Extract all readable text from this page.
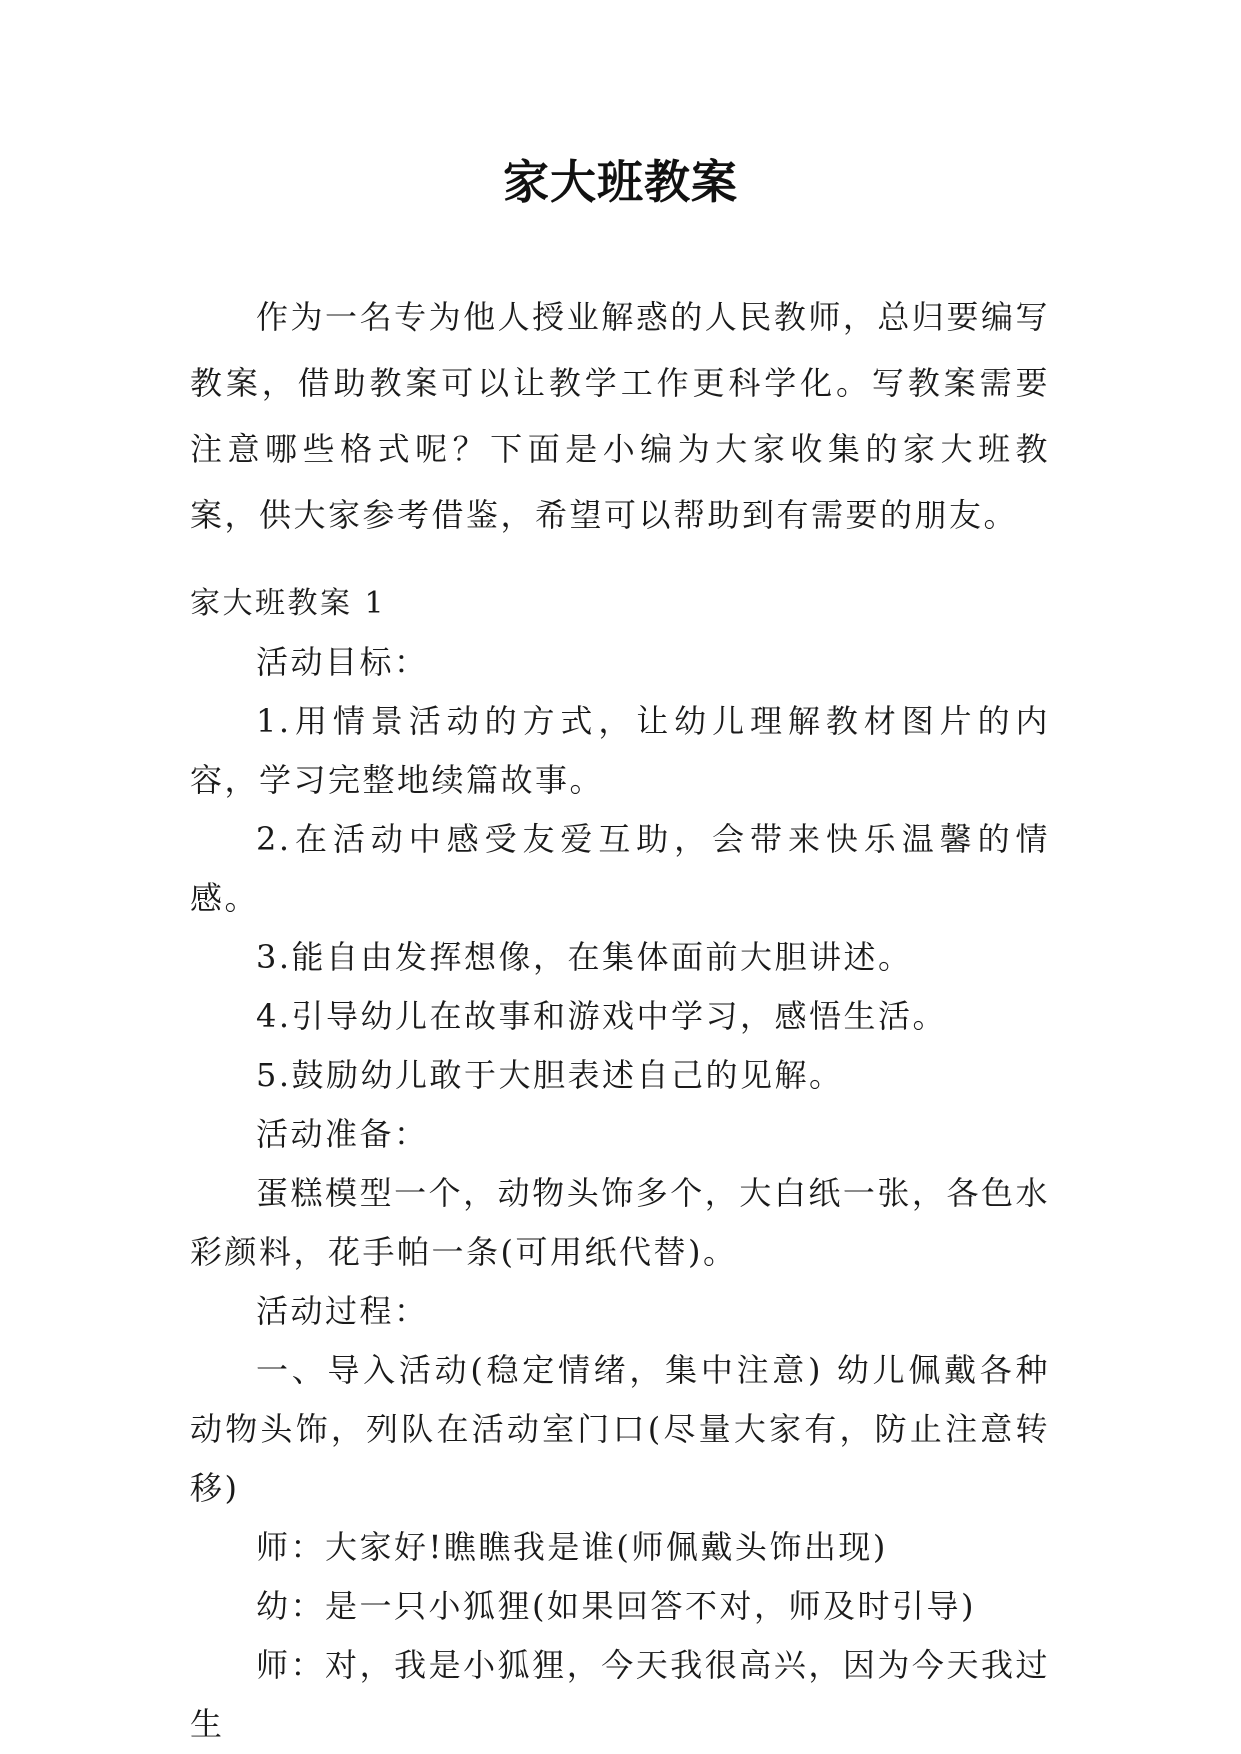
家大班教案

作为一名专为他人授业解惑的人民教师，总归要编写教案，借助教案可以让教学工作更科学化。写教案需要注意哪些格式呢？下面是小编为大家收集的家大班教案，供大家参考借鉴，希望可以帮助到有需要的朋友。

家大班教案 1

活动目标：

1.用情景活动的方式，让幼儿理解教材图片的内容，学习完整地续篇故事。

2.在活动中感受友爱互助，会带来快乐温馨的情感。

3.能自由发挥想像，在集体面前大胆讲述。

4.引导幼儿在故事和游戏中学习，感悟生活。

5.鼓励幼儿敢于大胆表述自己的见解。

活动准备：

蛋糕模型一个，动物头饰多个，大白纸一张，各色水彩颜料，花手帕一条(可用纸代替)。

活动过程：

一、导入活动(稳定情绪，集中注意) 幼儿佩戴各种动物头饰，列队在活动室门口(尽量大家有，防止注意转移)

师：大家好!瞧瞧我是谁(师佩戴头饰出现)

幼：是一只小狐狸(如果回答不对，师及时引导)

师：对，我是小狐狸，今天我很高兴，因为今天我过生
